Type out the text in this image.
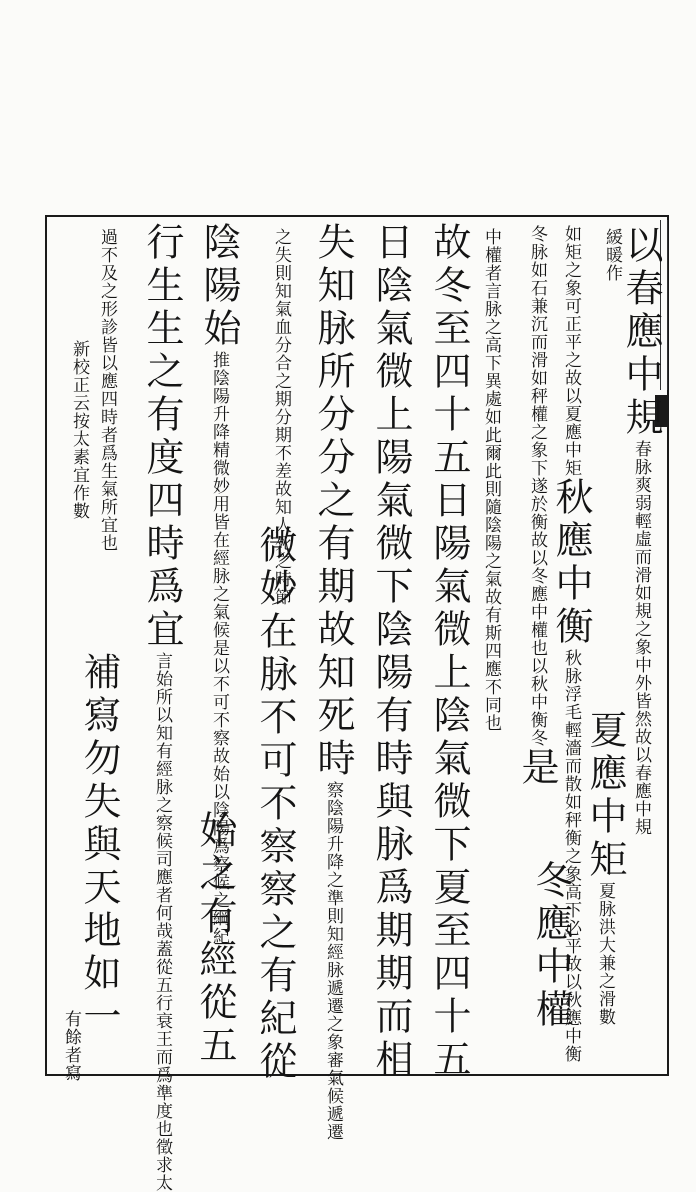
以春應中規春脉爽弱輕虛而滑如規之象中外皆然故以春應中規
緩暖作
夏應中矩夏脉洪大兼之滑數
如矩之象可正平之故以夏應中矩秋應中衡秋脉浮毛輕濇而散如秤衡之象高下必平故以秋應中衡
冬脉如石兼沉而滑如秤權之象下遂於衡故以冬應中權也以秋中衡冬是
冬應中權
中權者言脉之高下異處如此爾此則隨陰陽之氣故有斯四應不同也
故冬至四十五日陽氣微上陰氣微下夏至四十五
日陰氣微上陽氣微下陰陽有時與脉爲期期而相
失知脉所分分之有期故知死時察陰陽升降之準則知經脉遞遷之象審氣候遞遷
之失則知氣血分合之期分期不差故知人死之時節
微妙在脉不可不察察之有紀從
陰陽始推陰陽升降精微妙用皆在經脉之氣候是以不可不察故始以陰陽爲察候之綱紀
始之有經從五
行生生之有度四時爲宜言始所以知有經脉之察候司應者何哉蓋從五行衰王而爲準度也徵求太
過不及之形診皆以應四時者爲生氣所宜也
新校正云按太素宜作數
補寫勿失與天地如一
有餘者寫
